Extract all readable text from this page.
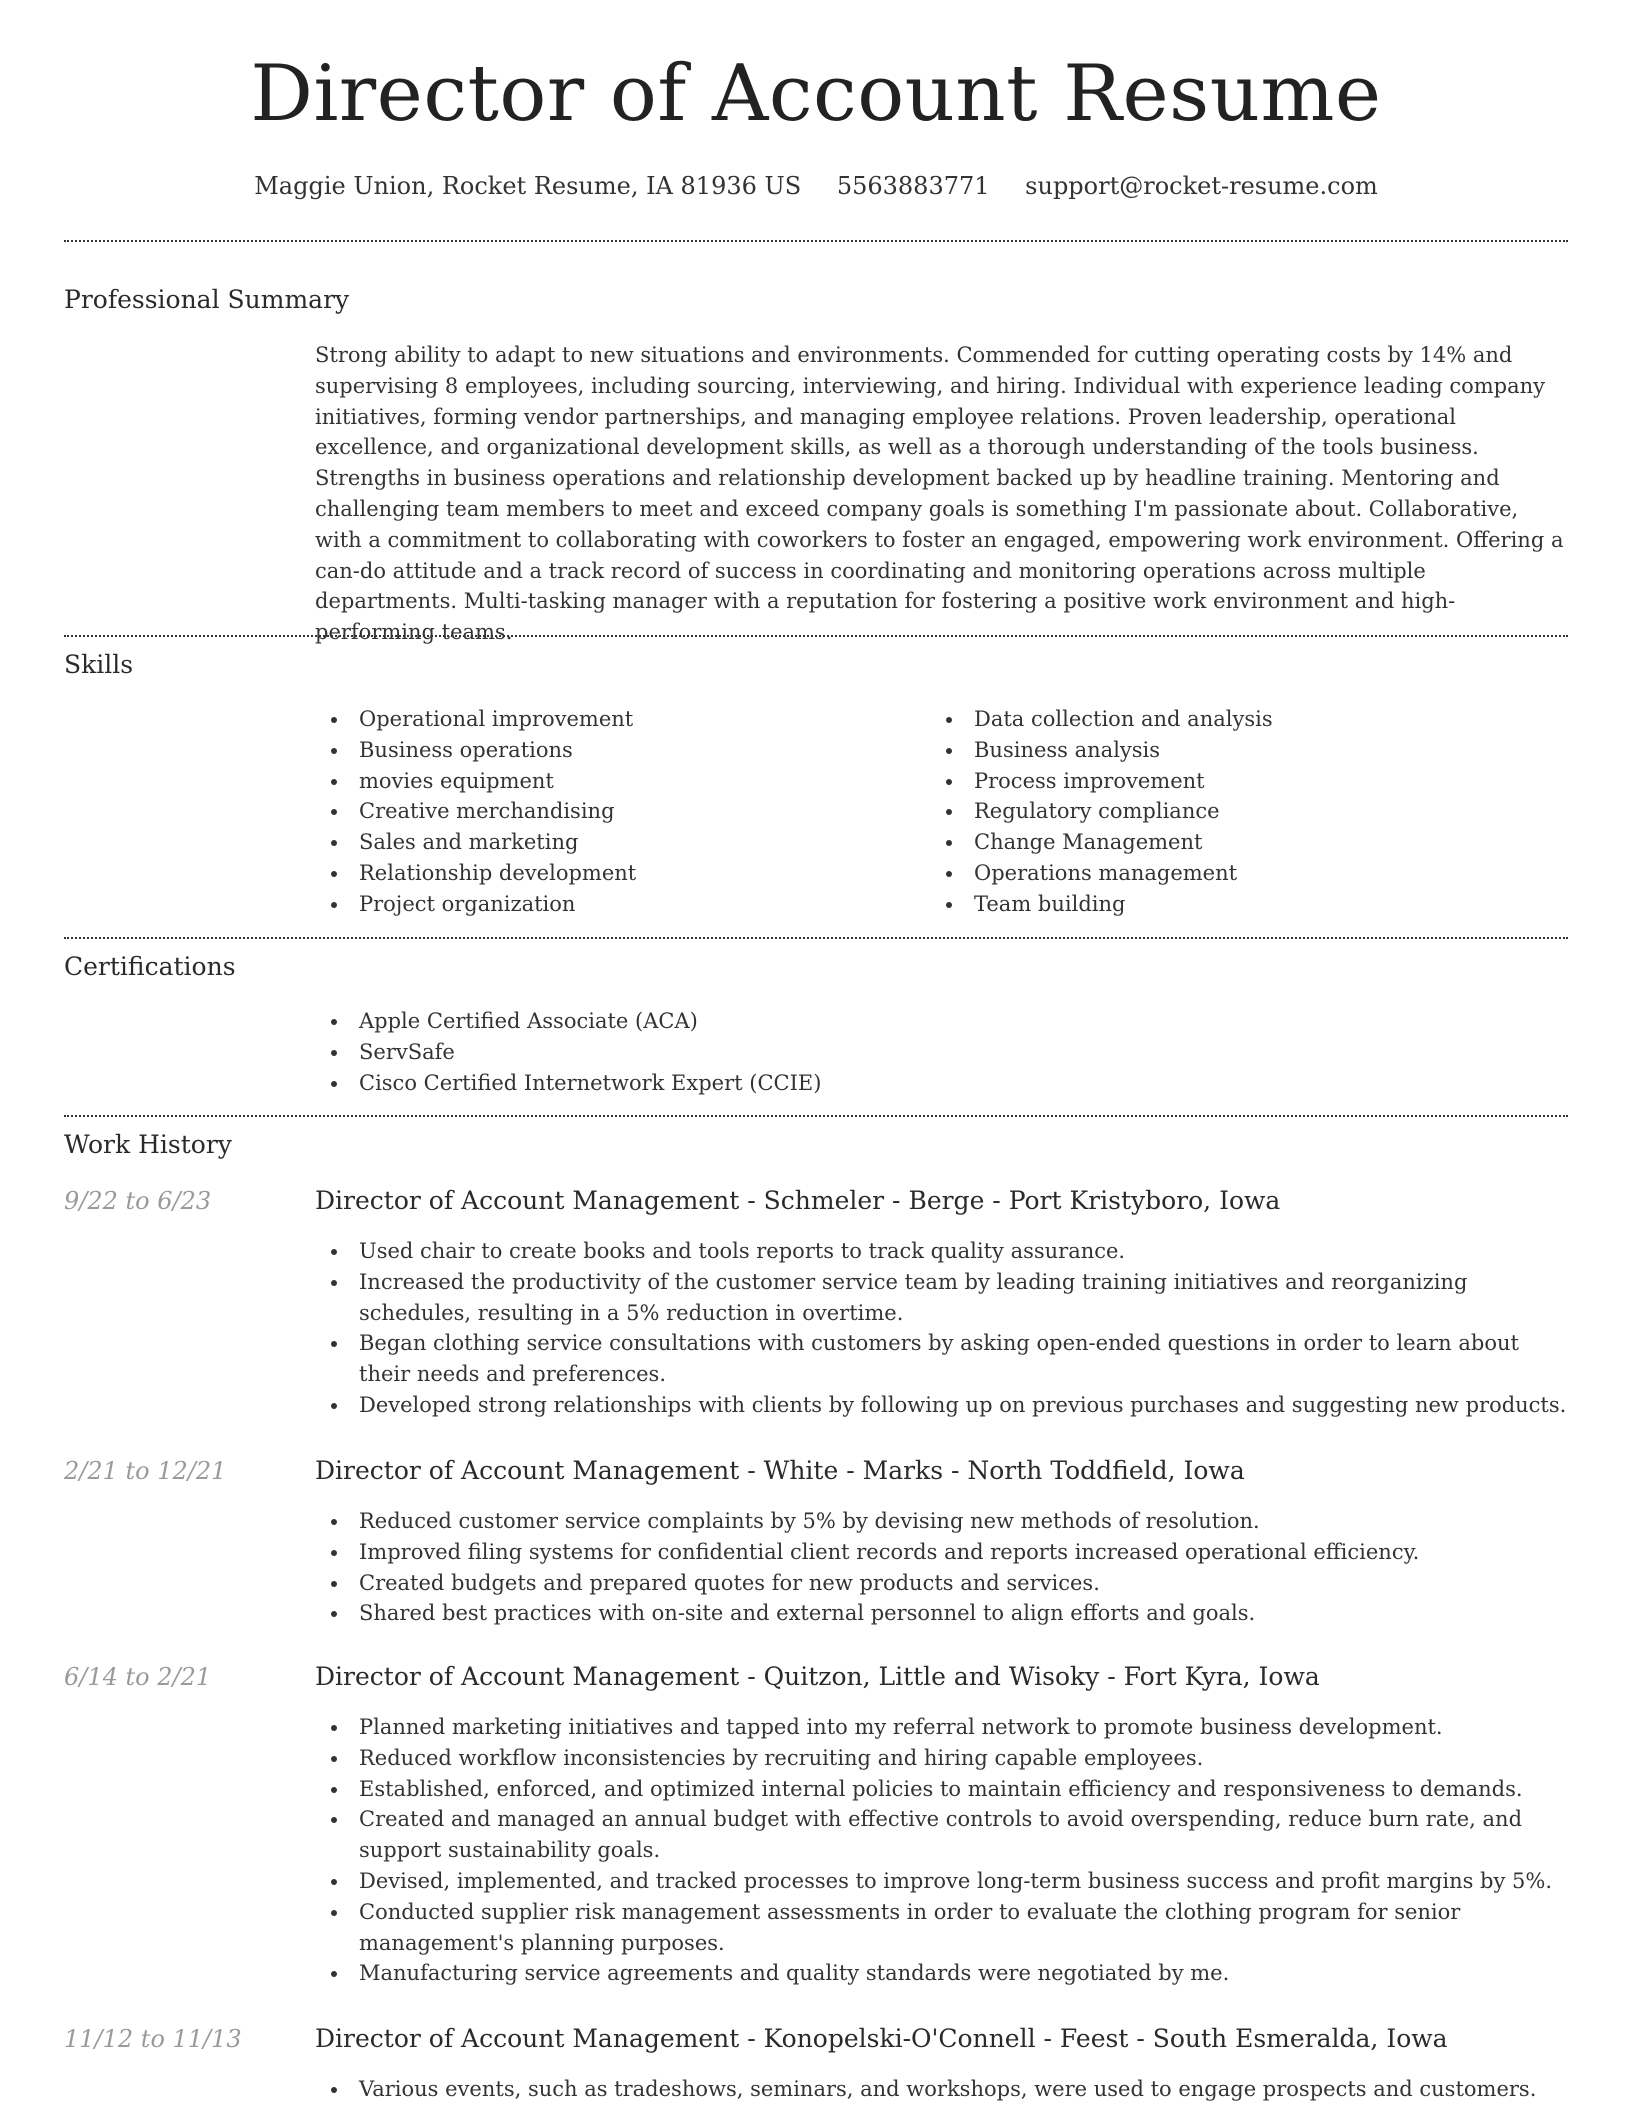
Director of Account Resume
Maggie Union, Rocket Resume, IA 81936 US 5563883771 support@rocket-resume.com
Professional Summary

Strong ability to adapt to new situations and environments. Commended for cutting operating costs by 14% and supervising 8 employees, including sourcing, interviewing, and hiring. Individual with experience leading company initiatives, forming vendor partnerships, and managing employee relations. Proven leadership, operational excellence, and organizational development skills, as well as a thorough understanding of the tools business. Strengths in business operations and relationship development backed up by headline training. Mentoring and challenging team members to meet and exceed company goals is something I'm passionate about. Collaborative, with a commitment to collaborating with coworkers to foster an engaged, empowering work environment. Offering a can-do attitude and a track record of success in coordinating and monitoring operations across multiple departments. Multi-tasking manager with a reputation for fostering a positive work environment and high-performing teams.

Skills
Operational improvement
Business operations
movies equipment
Creative merchandising
Sales and marketing
Relationship development
Project organization
Data collection and analysis
Business analysis
Process improvement
Regulatory compliance
Change Management
Operations management
Team building
Certifications
Apple Certified Associate (ACA)
ServSafe
Cisco Certified Internetwork Expert (CCIE)
Work History
9/22 to 6/23	Director of Account Management - Schmeler - Berge - Port Kristyboro, Iowa
Used chair to create books and tools reports to track quality assurance.
Increased the productivity of the customer service team by leading training initiatives and reorganizing schedules, resulting in a 5% reduction in overtime.
Began clothing service consultations with customers by asking open-ended questions in order to learn about their needs and preferences.
Developed strong relationships with clients by following up on previous purchases and suggesting new products.
2/21 to 12/21	Director of Account Management - White - Marks - North Toddfield, Iowa
Reduced customer service complaints by 5% by devising new methods of resolution.
Improved filing systems for confidential client records and reports increased operational efficiency.
Created budgets and prepared quotes for new products and services.
Shared best practices with on-site and external personnel to align efforts and goals.
6/14 to 2/21	Director of Account Management - Quitzon, Little and Wisoky - Fort Kyra, Iowa
Planned marketing initiatives and tapped into my referral network to promote business development.
Reduced workflow inconsistencies by recruiting and hiring capable employees.
Established, enforced, and optimized internal policies to maintain efficiency and responsiveness to demands.
Created and managed an annual budget with effective controls to avoid overspending, reduce burn rate, and support sustainability goals.
Devised, implemented, and tracked processes to improve long-term business success and profit margins by 5%.
Conducted supplier risk management assessments in order to evaluate the clothing program for senior management's planning purposes.
Manufacturing service agreements and quality standards were negotiated by me.
11/12 to 11/13	Director of Account Management - Konopelski-O'Connell - Feest - South Esmeralda, Iowa
Various events, such as tradeshows, seminars, and workshops, were used to engage prospects and customers.
